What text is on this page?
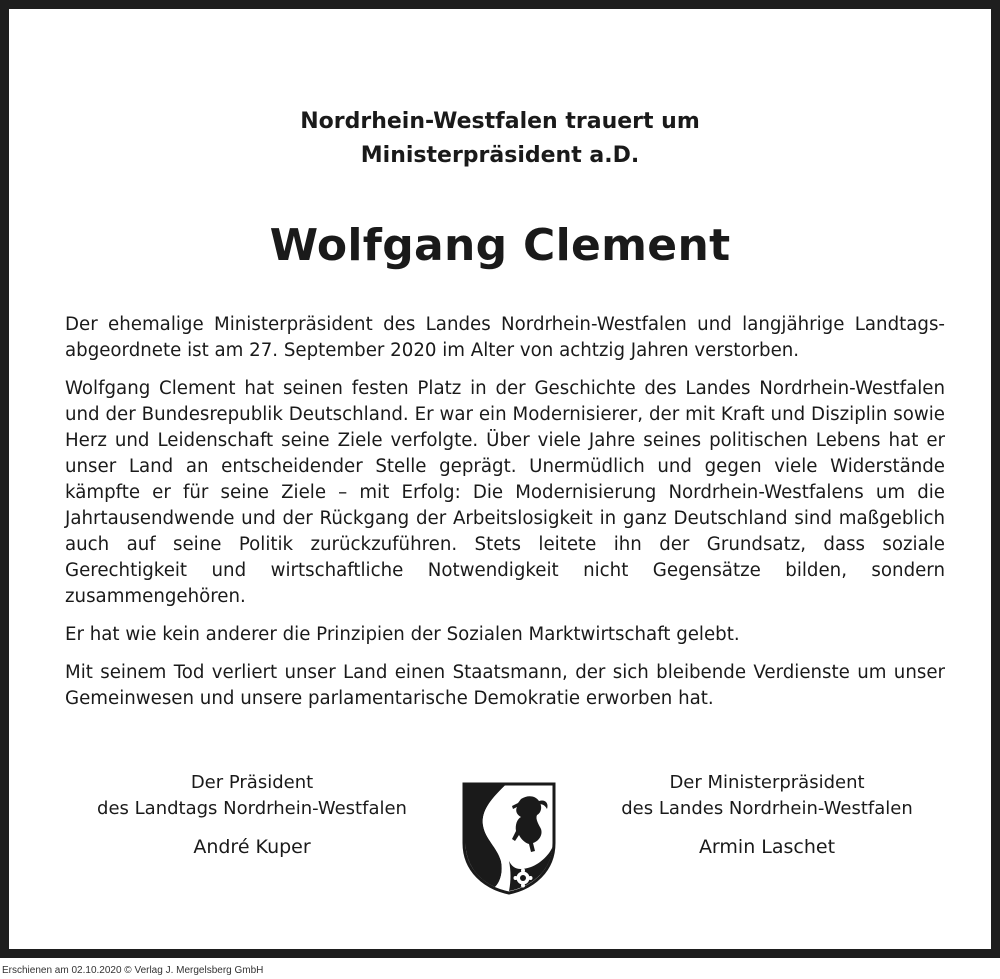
Nordrhein-Westfalen trauert um
Ministerpräsident a.D.
Wolfgang Clement

Der ehemalige Ministerpräsident des Landes Nordrhein-Westfalen und langjährige Landtags- abgeordnete ist am 27. September 2020 im Alter von achtzig Jahren verstorben.

Wolfgang Clement hat seinen festen Platz in der Geschichte des Landes Nordrhein-Westfalen und der Bundesrepublik Deutschland. Er war ein Modernisierer, der mit Kraft und Disziplin sowie Herz und Leidenschaft seine Ziele verfolgte. Über viele Jahre seines politischen Lebens hat er unser Land an entscheidender Stelle geprägt. Unermüdlich und gegen viele Widerstände kämpfte er für seine Ziele – mit Erfolg: Die Modernisierung Nordrhein-Westfalens um die Jahrtausendwende und der Rückgang der Arbeitslosigkeit in ganz Deutschland sind maßgeblich auch auf seine Politik zurückzuführen. Stets leitete ihn der Grundsatz, dass soziale Gerechtigkeit und wirtschaftliche Notwendigkeit nicht Gegensätze bilden, sondern zusammengehören.

Er hat wie kein anderer die Prinzipien der Sozialen Marktwirtschaft gelebt.

Mit seinem Tod verliert unser Land einen Staatsmann, der sich bleibende Verdienste um unser Gemeinwesen und unsere parlamentarische Demokratie erworben hat.

Der Präsident
des Landtags Nordrhein-Westfalen
André Kuper
Der Ministerpräsident
des Landes Nordrhein-Westfalen
Armin Laschet
Erschienen am 02.10.2020 © Verlag J. Mergelsberg GmbH
